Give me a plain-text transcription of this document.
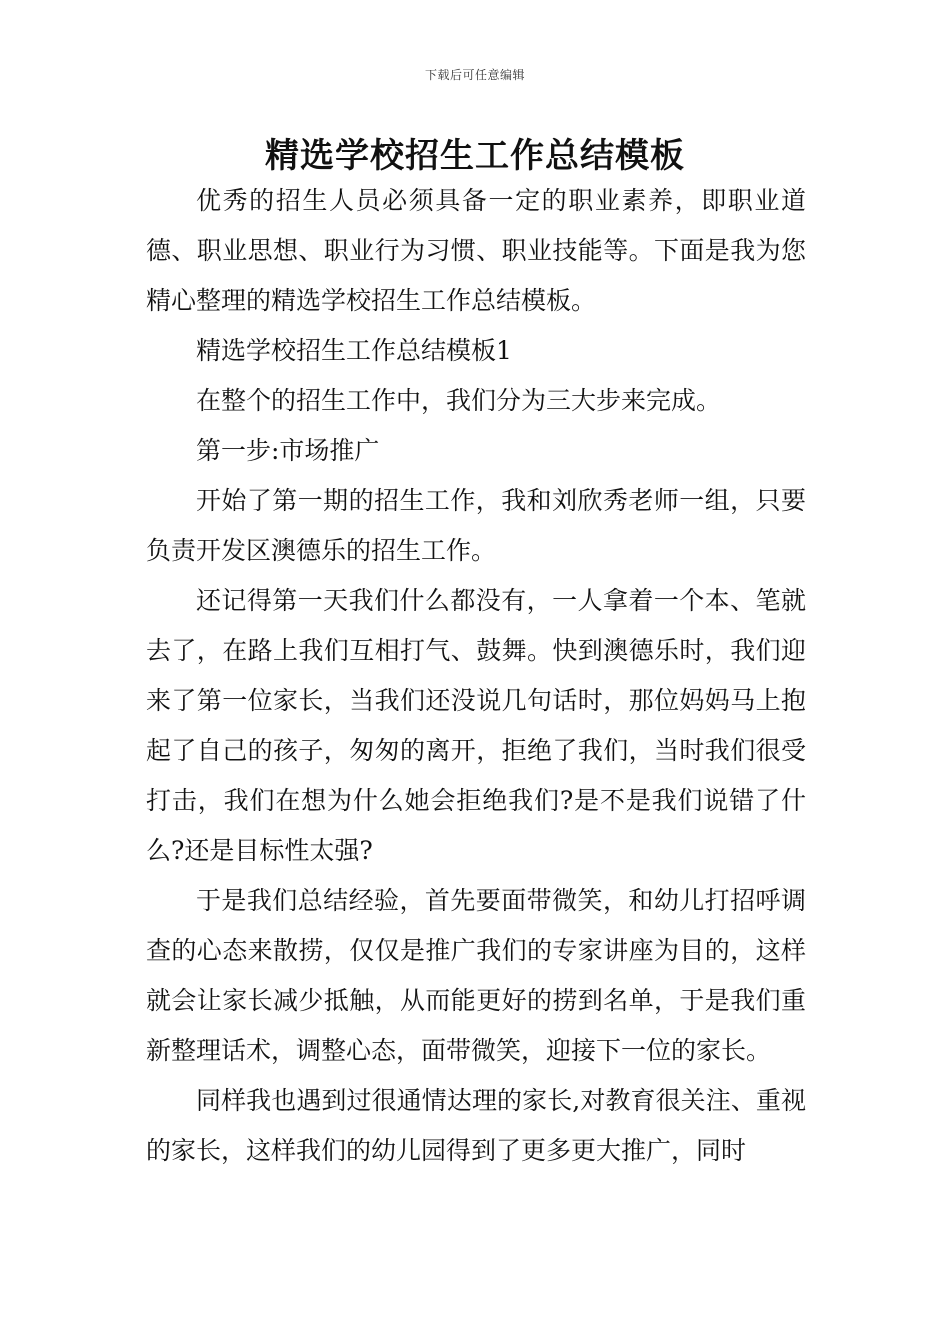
下载后可任意编辑
精选学校招生工作总结模板

优秀的招生人员必须具备一定的职业素养，即职业道德、职业思想、职业行为习惯、职业技能等。下面是我为您精心整理的精选学校招生工作总结模板。

精选学校招生工作总结模板1

在整个的招生工作中，我们分为三大步来完成。

第一步:市场推广

开始了第一期的招生工作，我和刘欣秀老师一组，只要负责开发区澳德乐的招生工作。

还记得第一天我们什么都没有，一人拿着一个本、笔就去了，在路上我们互相打气、鼓舞。快到澳德乐时，我们迎来了第一位家长，当我们还没说几句话时，那位妈妈马上抱起了自己的孩子，匆匆的离开，拒绝了我们，当时我们很受打击，我们在想为什么她会拒绝我们?是不是我们说错了什么?还是目标性太强?

于是我们总结经验，首先要面带微笑，和幼儿打招呼调查的心态来散捞，仅仅是推广我们的专家讲座为目的，这样就会让家长减少抵触，从而能更好的捞到名单，于是我们重新整理话术，调整心态，面带微笑，迎接下一位的家长。

同样我也遇到过很通情达理的家长,对教育很关注、重视的家长，这样我们的幼儿园得到了更多更大推广，同时
